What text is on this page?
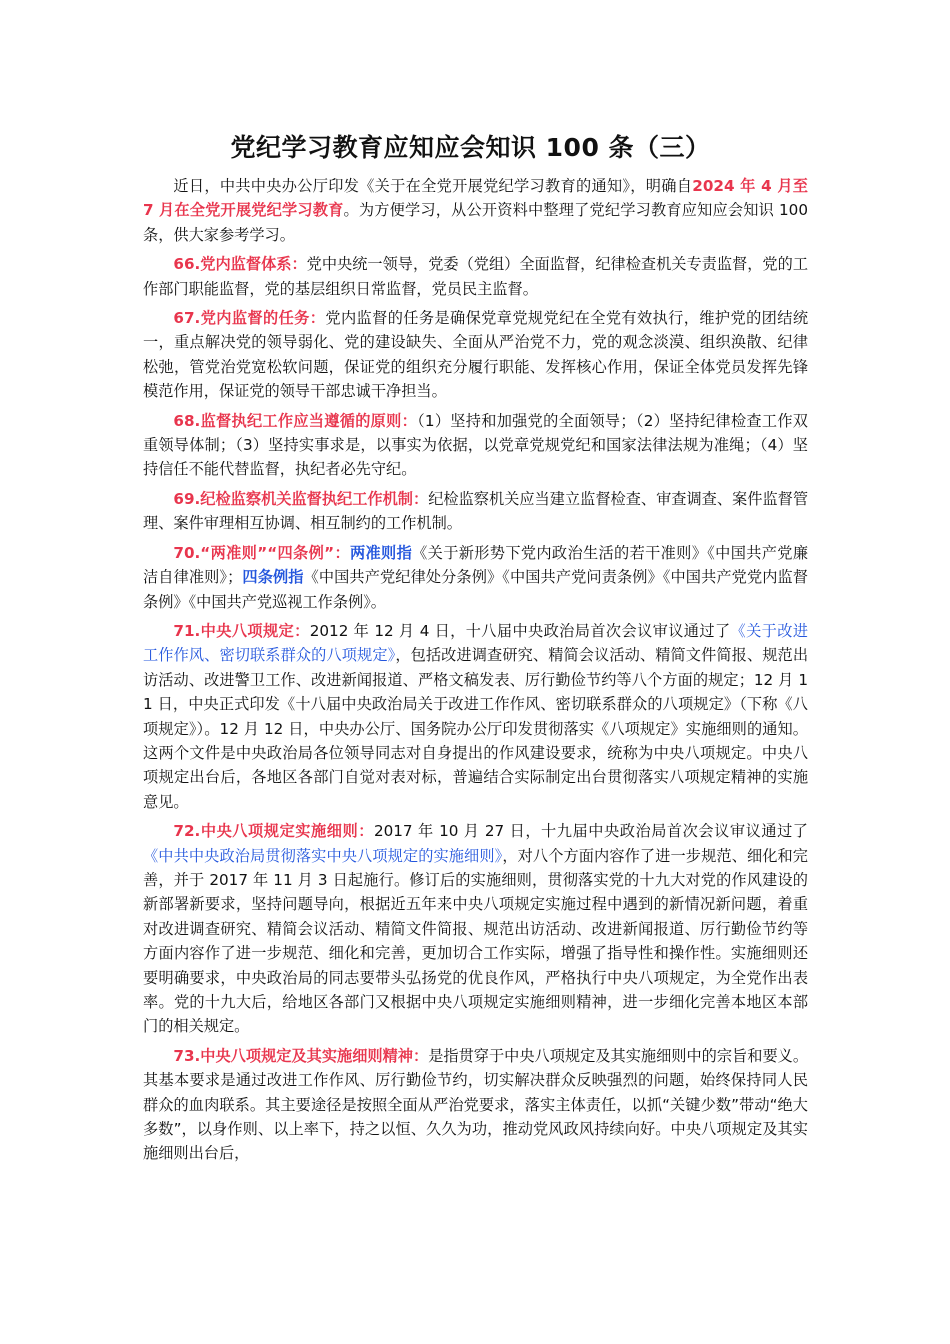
党纪学习教育应知应会知识 100 条（三）

近日，中共中央办公厅印发《关于在全党开展党纪学习教育的通知》，明确自2024 年 4 月至 7 月在全党开展党纪学习教育。为方便学习，从公开资料中整理了党纪学习教育应知应会知识 100 条，供大家参考学习。

66.党内监督体系：党中央统一领导，党委（党组）全面监督，纪律检查机关专责监督，党的工作部门职能监督，党的基层组织日常监督，党员民主监督。

67.党内监督的任务：党内监督的任务是确保党章党规党纪在全党有效执行，维护党的团结统一，重点解决党的领导弱化、党的建设缺失、全面从严治党不力，党的观念淡漠、组织涣散、纪律松弛，管党治党宽松软问题，保证党的组织充分履行职能、发挥核心作用，保证全体党员发挥先锋模范作用，保证党的领导干部忠诚干净担当。

68.监督执纪工作应当遵循的原则：（1）坚持和加强党的全面领导；（2）坚持纪律检查工作双重领导体制；（3）坚持实事求是，以事实为依据，以党章党规党纪和国家法律法规为准绳；（4）坚持信任不能代替监督，执纪者必先守纪。

69.纪检监察机关监督执纪工作机制：纪检监察机关应当建立监督检查、审查调查、案件监督管理、案件审理相互协调、相互制约的工作机制。

70.“两准则”“四条例”：两准则指《关于新形势下党内政治生活的若干准则》《中国共产党廉洁自律准则》；四条例指《中国共产党纪律处分条例》《中国共产党问责条例》《中国共产党党内监督条例》《中国共产党巡视工作条例》。

71.中央八项规定：2012 年 12 月 4 日，十八届中央政治局首次会议审议通过了《关于改进工作作风、密切联系群众的八项规定》，包括改进调查研究、精简会议活动、精简文件简报、规范出访活动、改进警卫工作、改进新闻报道、严格文稿发表、厉行勤俭节约等八个方面的规定；12 月 11 日，中央正式印发《十八届中央政治局关于改进工作作风、密切联系群众的八项规定》（下称《八项规定》）。12 月 12 日，中央办公厅、国务院办公厅印发贯彻落实《八项规定》实施细则的通知。这两个文件是中央政治局各位领导同志对自身提出的作风建设要求，统称为中央八项规定。中央八项规定出台后，各地区各部门自觉对表对标，普遍结合实际制定出台贯彻落实八项规定精神的实施意见。

72.中央八项规定实施细则：2017 年 10 月 27 日，十九届中央政治局首次会议审议通过了《中共中央政治局贯彻落实中央八项规定的实施细则》，对八个方面内容作了进一步规范、细化和完善，并于 2017 年 11 月 3 日起施行。修订后的实施细则，贯彻落实党的十九大对党的作风建设的新部署新要求，坚持问题导向，根据近五年来中央八项规定实施过程中遇到的新情况新问题，着重对改进调查研究、精简会议活动、精简文件简报、规范出访活动、改进新闻报道、厉行勤俭节约等方面内容作了进一步规范、细化和完善，更加切合工作实际，增强了指导性和操作性。实施细则还要明确要求，中央政治局的同志要带头弘扬党的优良作风，严格执行中央八项规定，为全党作出表率。党的十九大后，给地区各部门又根据中央八项规定实施细则精神，进一步细化完善本地区本部门的相关规定。

73.中央八项规定及其实施细则精神：是指贯穿于中央八项规定及其实施细则中的宗旨和要义。其基本要求是通过改进工作作风、厉行勤俭节约，切实解决群众反映强烈的问题，始终保持同人民群众的血肉联系。其主要途径是按照全面从严治党要求，落实主体责任，以抓“关键少数”带动“绝大多数”，以身作则、以上率下，持之以恒、久久为功，推动党风政风持续向好。中央八项规定及其实施细则出台后，
